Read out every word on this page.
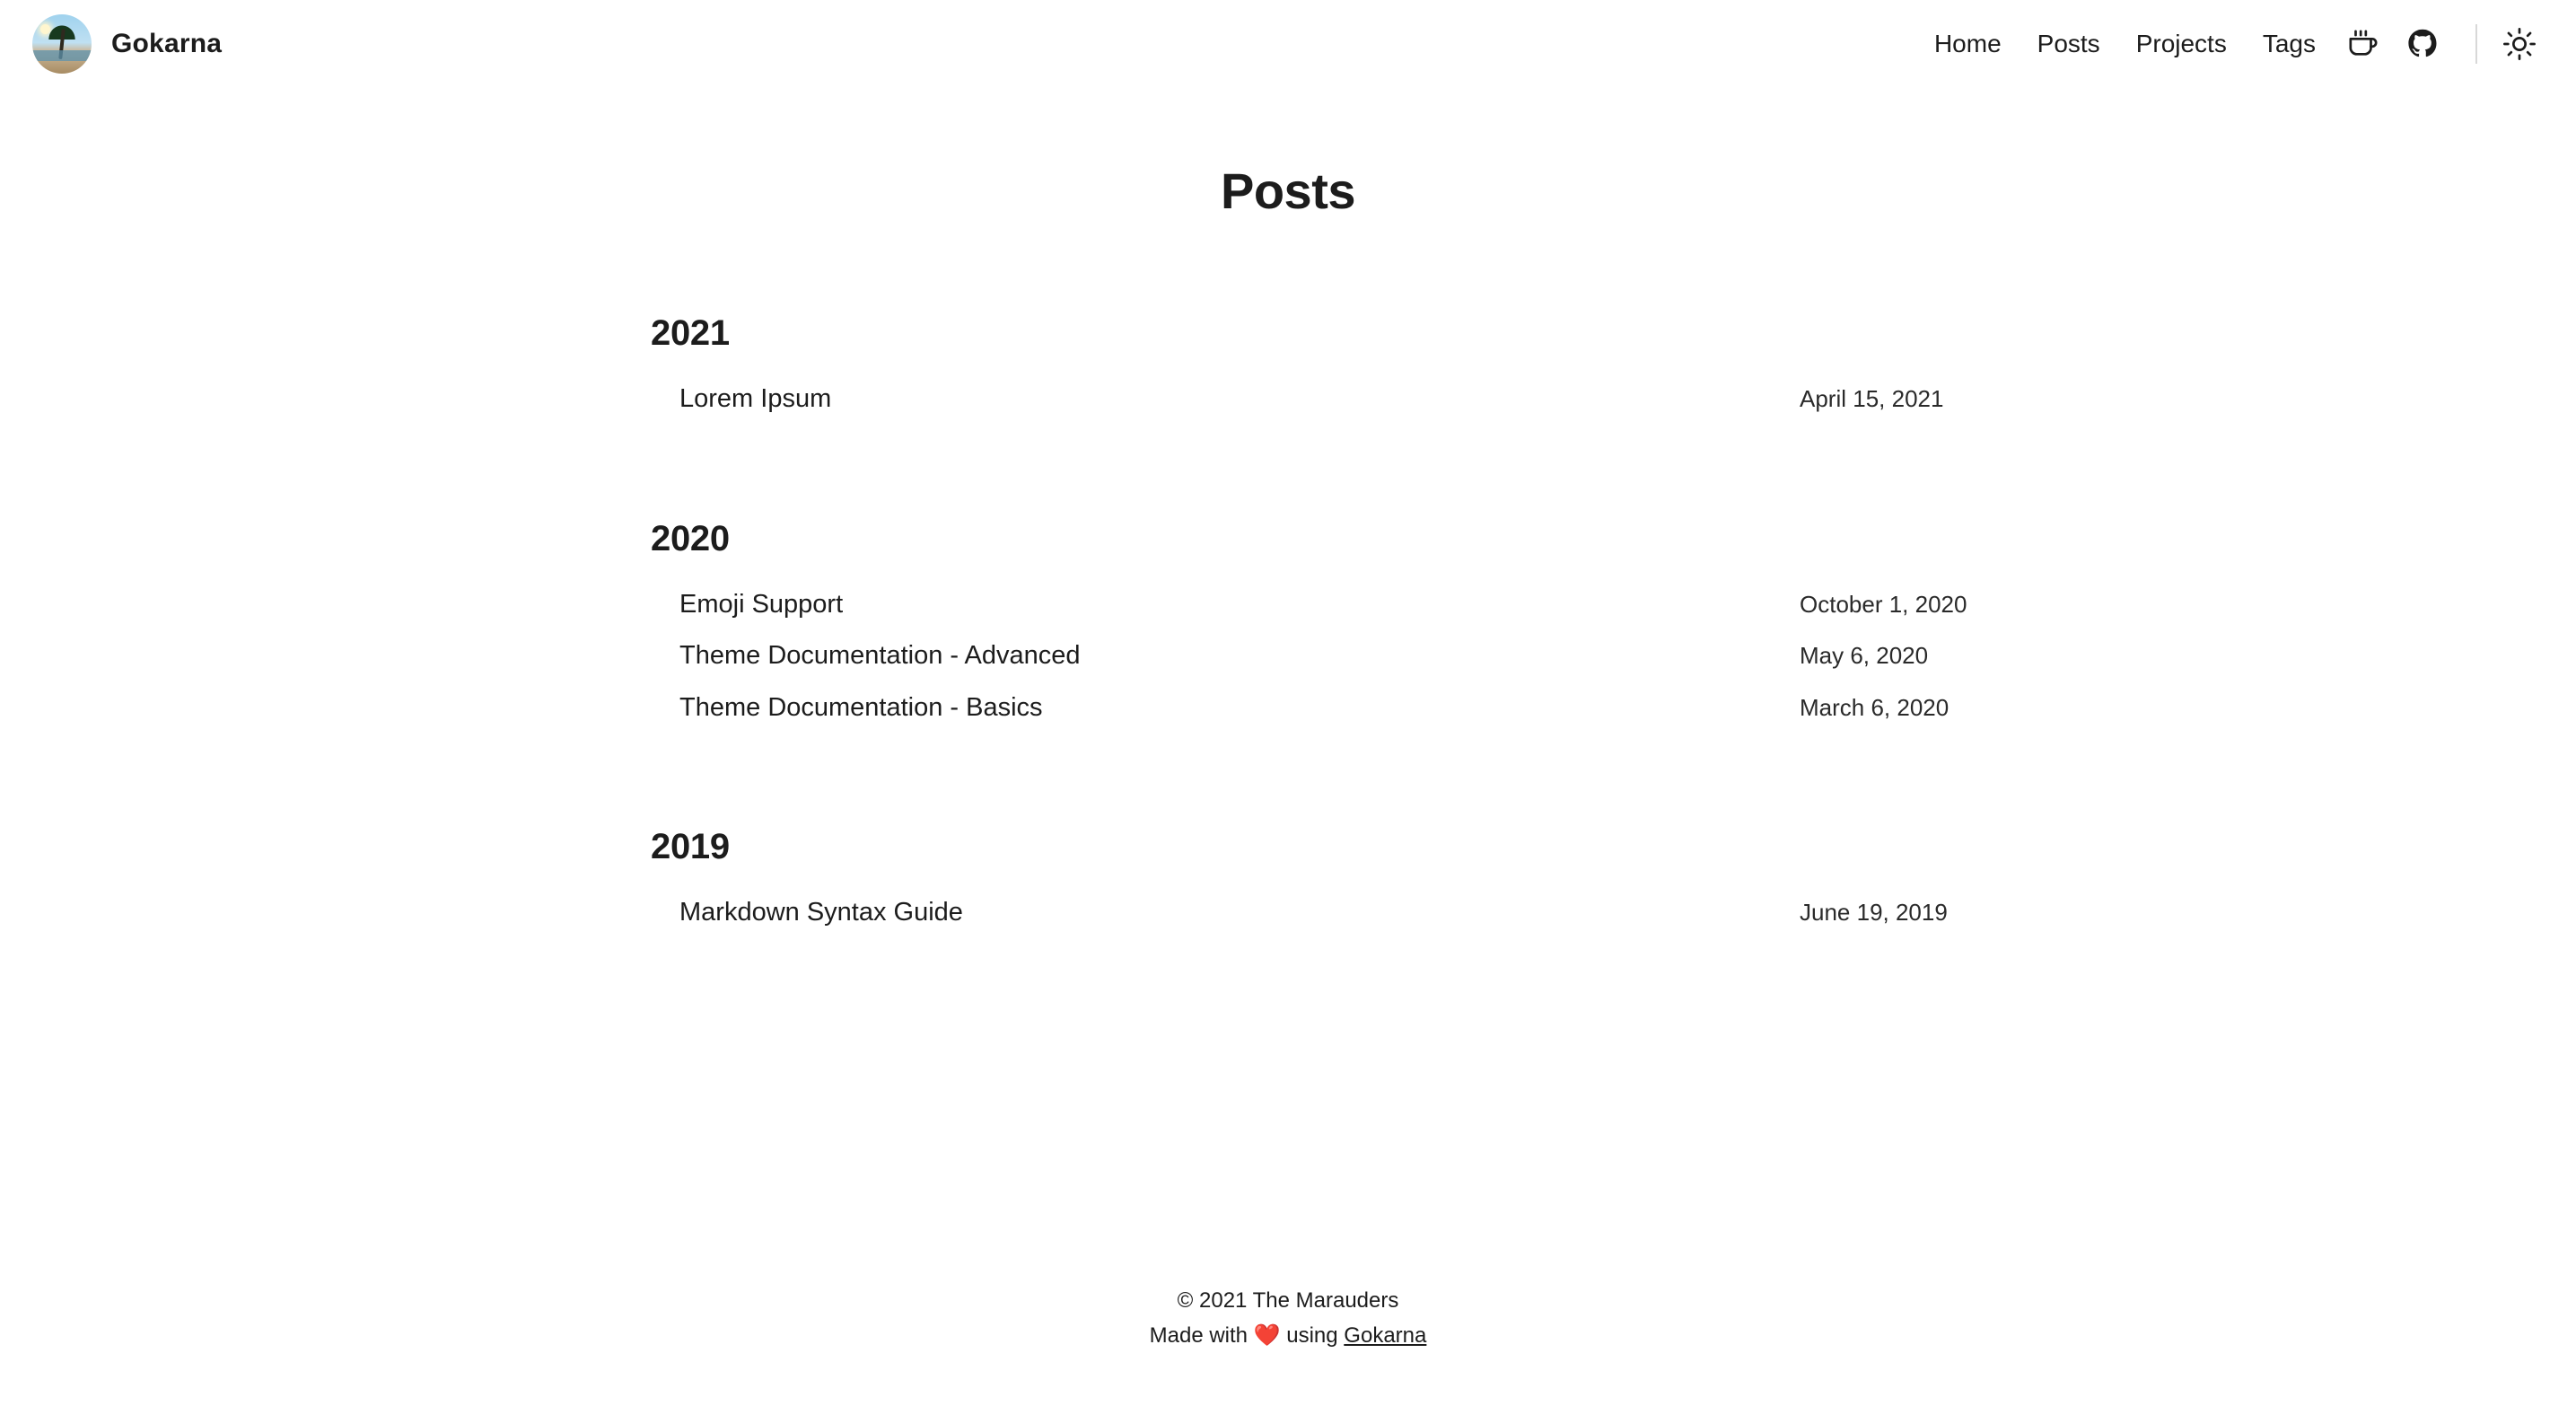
Gokarna	Home	Posts	Projects	Tags
Posts
2021
Lorem Ipsum	April 15, 2021
2020
Emoji Support	October 1, 2020
Theme Documentation - Advanced	May 6, 2020
Theme Documentation - Basics	March 6, 2020
2019
Markdown Syntax Guide	June 19, 2019
© 2021 The Marauders
Made with ❤️ using Gokarna
